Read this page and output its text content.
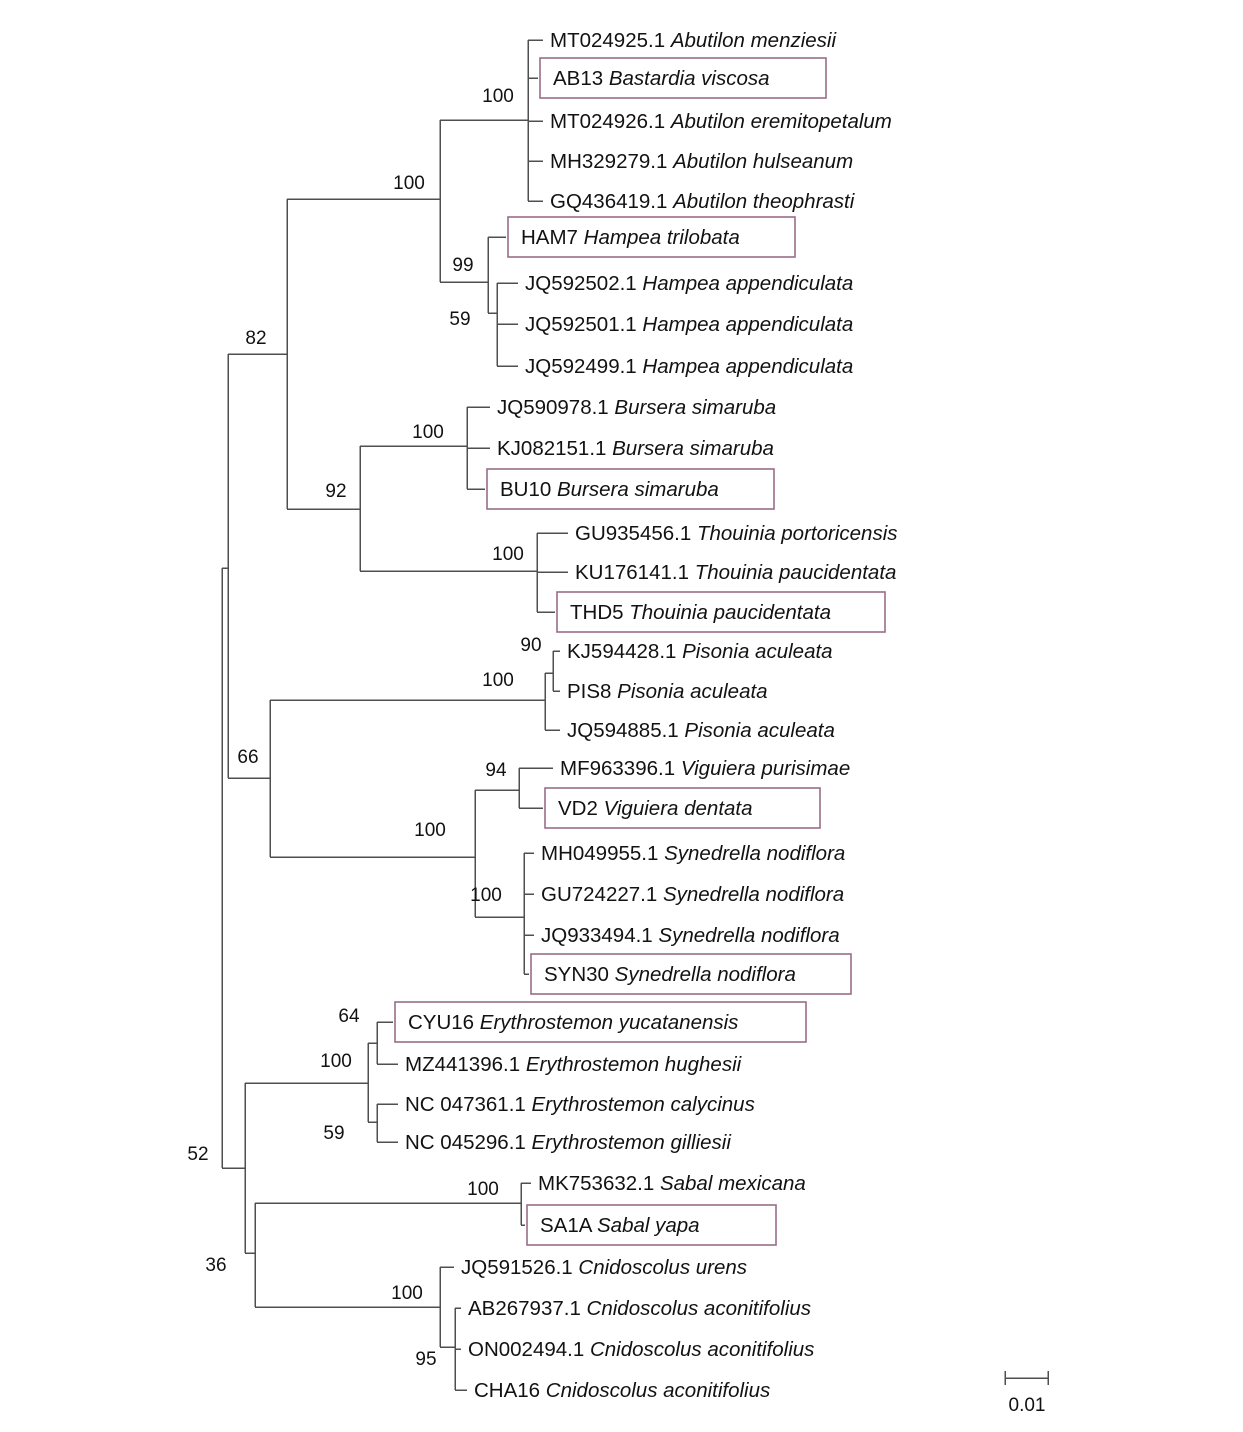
MT024925.1 Abutilon menziesii
AB13 Bastardia viscosa
MT024926.1 Abutilon eremitopetalum
MH329279.1 Abutilon hulseanum
GQ436419.1 Abutilon theophrasti
100
HAM7 Hampea trilobata
JQ592502.1 Hampea appendiculata
JQ592501.1 Hampea appendiculata
JQ592499.1 Hampea appendiculata
59
99
100
JQ590978.1 Bursera simaruba
KJ082151.1 Bursera simaruba
BU10 Bursera simaruba
100
GU935456.1 Thouinia portoricensis
KU176141.1 Thouinia paucidentata
THD5 Thouinia paucidentata
100
92
82
KJ594428.1 Pisonia aculeata
PIS8 Pisonia aculeata
90
JQ594885.1 Pisonia aculeata
100
MF963396.1 Viguiera purisimae
VD2 Viguiera dentata
94
MH049955.1 Synedrella nodiflora
GU724227.1 Synedrella nodiflora
JQ933494.1 Synedrella nodiflora
SYN30 Synedrella nodiflora
100
100
66
CYU16 Erythrostemon yucatanensis
MZ441396.1 Erythrostemon hughesii
64
NC 047361.1 Erythrostemon calycinus
NC 045296.1 Erythrostemon gilliesii
59
100
MK753632.1 Sabal mexicana
SA1A Sabal yapa
100
JQ591526.1 Cnidoscolus urens
AB267937.1 Cnidoscolus aconitifolius
ON002494.1 Cnidoscolus aconitifolius
CHA16 Cnidoscolus aconitifolius
95
100
36
52
0.01
